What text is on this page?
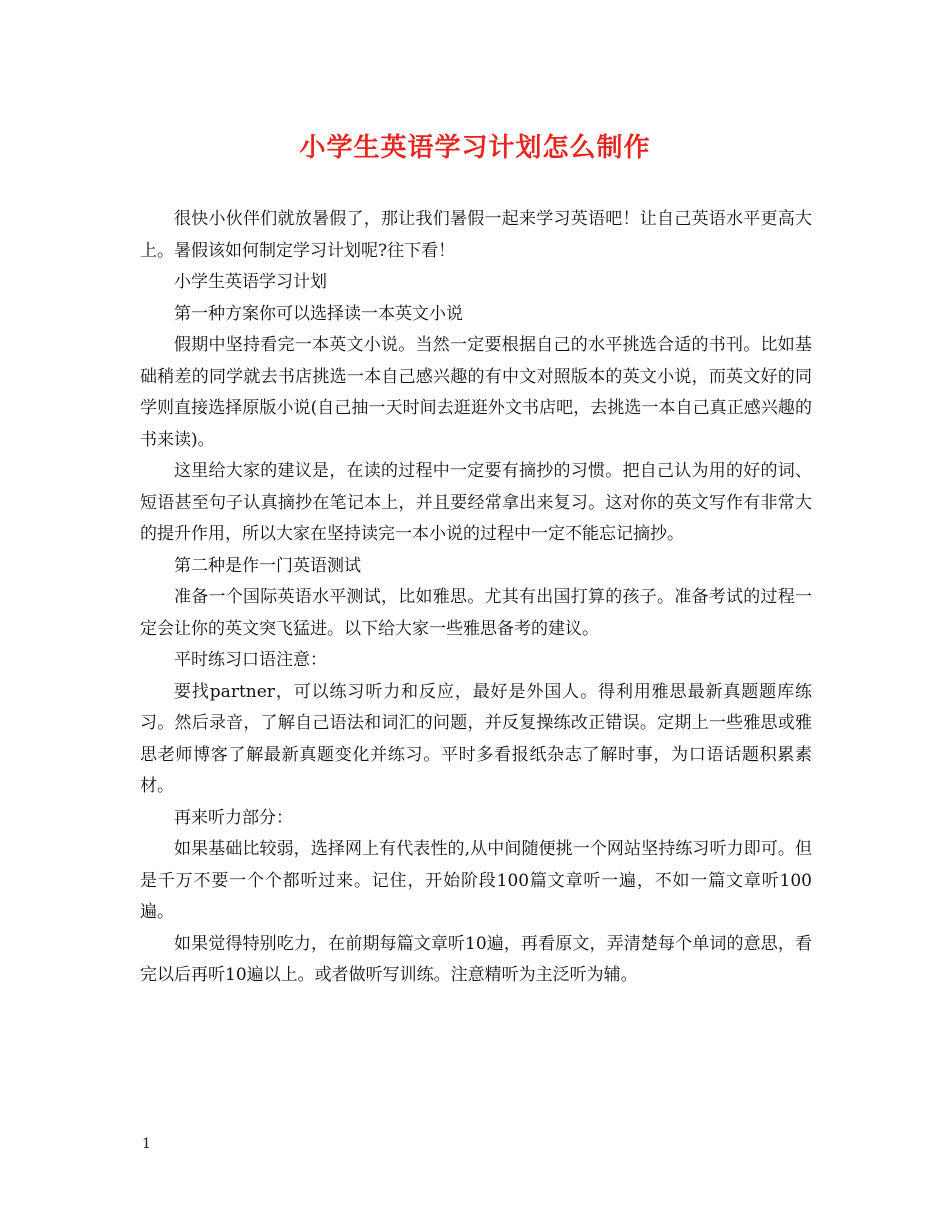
小学生英语学习计划怎么制作

很快小伙伴们就放暑假了，那让我们暑假一起来学习英语吧！让自己英语水平更高大上。暑假该如何制定学习计划呢?往下看！

小学生英语学习计划

第一种方案你可以选择读一本英文小说

假期中坚持看完一本英文小说。当然一定要根据自己的水平挑选合适的书刊。比如基础稍差的同学就去书店挑选一本自己感兴趣的有中文对照版本的英文小说，而英文好的同学则直接选择原版小说(自己抽一天时间去逛逛外文书店吧，去挑选一本自己真正感兴趣的书来读)。

这里给大家的建议是，在读的过程中一定要有摘抄的习惯。把自己认为用的好的词、短语甚至句子认真摘抄在笔记本上，并且要经常拿出来复习。这对你的英文写作有非常大的提升作用，所以大家在坚持读完一本小说的过程中一定不能忘记摘抄。

第二种是作一门英语测试

准备一个国际英语水平测试，比如雅思。尤其有出国打算的孩子。准备考试的过程一定会让你的英文突飞猛进。以下给大家一些雅思备考的建议。

平时练习口语注意：

要找partner，可以练习听力和反应，最好是外国人。得利用雅思最新真题题库练习。然后录音，了解自己语法和词汇的问题，并反复操练改正错误。定期上一些雅思或雅思老师博客了解最新真题变化并练习。平时多看报纸杂志了解时事，为口语话题积累素材。

再来听力部分：

如果基础比较弱，选择网上有代表性的,从中间随便挑一个网站坚持练习听力即可。但是千万不要一个个都听过来。记住，开始阶段100篇文章听一遍，不如一篇文章听100遍。

如果觉得特别吃力，在前期每篇文章听10遍，再看原文，弄清楚每个单词的意思，看完以后再听10遍以上。或者做听写训练。注意精听为主泛听为辅。

1
